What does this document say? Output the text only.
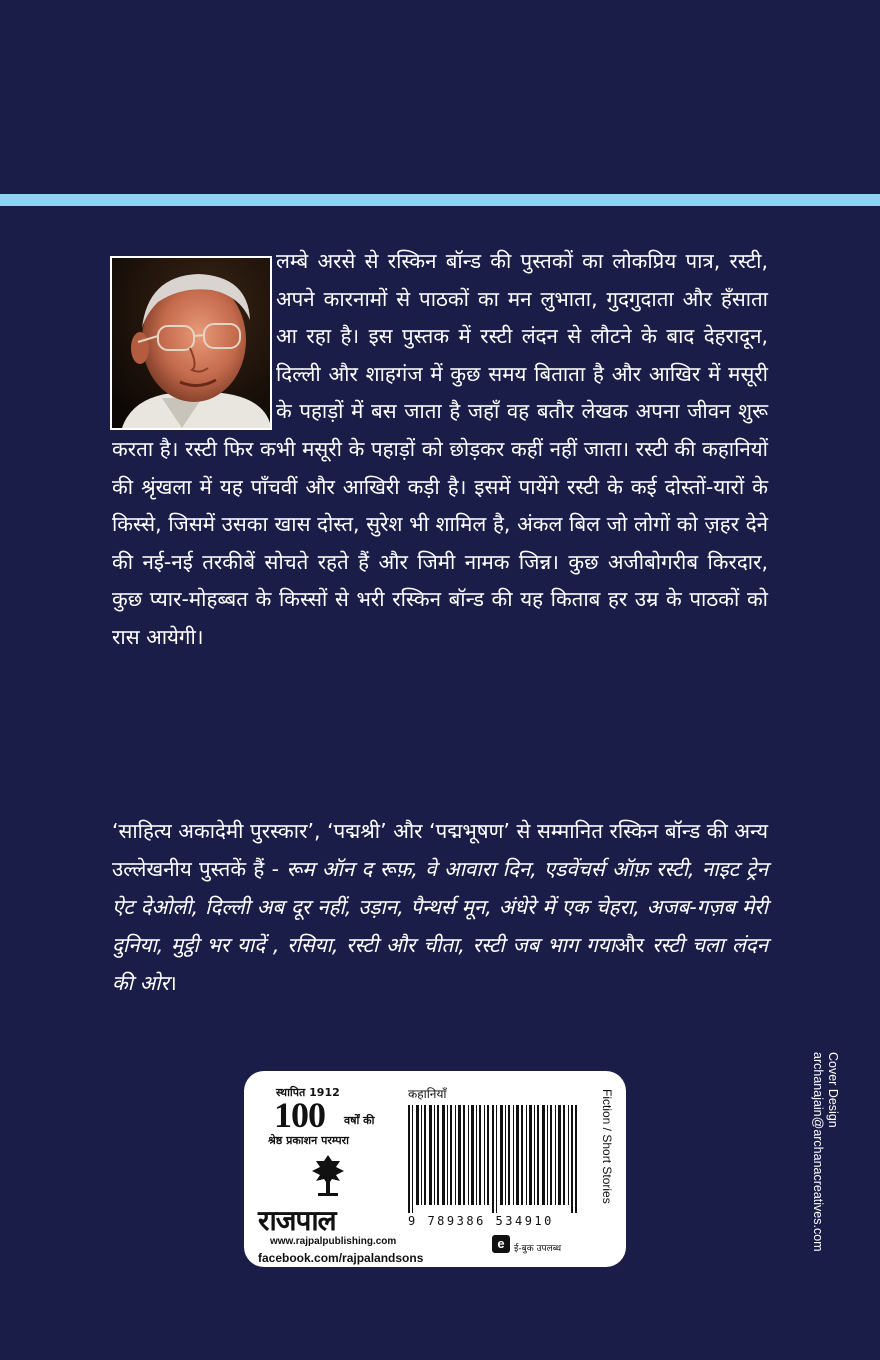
लम्बे अरसे से रस्किन बॉन्ड की पुस्तकों का लोकप्रिय पात्र, रस्टी, अपने कारनामों से पाठकों का मन लुभाता, गुदगुदाता और हँसाता आ रहा है। इस पुस्तक में रस्टी लंदन से लौटने के बाद देहरादून, दिल्ली और शाहगंज में कुछ समय बिताता है और आखिर में मसूरी के पहाड़ों में बस जाता है जहाँ वह बतौर लेखक अपना जीवन शुरू करता है। रस्टी फिर कभी मसूरी के पहाड़ों को छोड़कर कहीं नहीं जाता। रस्टी की कहानियों की श्रृंखला में यह पाँचवीं और आखिरी कड़ी है। इसमें पायेंगे रस्टी के कई दोस्तों-यारों के किस्से, जिसमें उसका खास दोस्त, सुरेश भी शामिल है, अंकल बिल जो लोगों को ज़हर देने की नई-नई तरकीबें सोचते रहते हैं और जिमी नामक जिन्न। कुछ अजीबोगरीब किरदार, कुछ प्यार-मोहब्बत के किस्सों से भरी रस्किन बॉन्ड की यह किताब हर उम्र के पाठकों को रास आयेगी।
‘साहित्य अकादेमी पुरस्कार’, ‘पद्मश्री’ और ‘पद्मभूषण’ से सम्मानित रस्किन बॉन्ड की अन्य उल्लेखनीय पुस्तकें हैं - रूम ऑन द रूफ़, वे आवारा दिन, एडवेंचर्स ऑफ़ रस्टी, नाइट ट्रेन ऐट देओली, दिल्ली अब दूर नहीं, उड़ान, पैन्थर्स मून, अंधेरे में एक चेहरा, अजब-गज़ब मेरी दुनिया, मुट्ठी भर यादें , रसिया, रस्टी और चीता, रस्टी जब भाग गयाऔर रस्टी चला लंदन की ओर।
Cover Design
archanajain@archanacreatives.com
स्थापित 1912
100 वर्षों की
श्रेष्ठ प्रकाशन परम्परा
राजपाल
www.rajpalpublishing.com
facebook.com/rajpalandsons
कहानियाँ
9 789386 534910
e	ई-बुक उपलब्ध
Fiction / Short Stories
